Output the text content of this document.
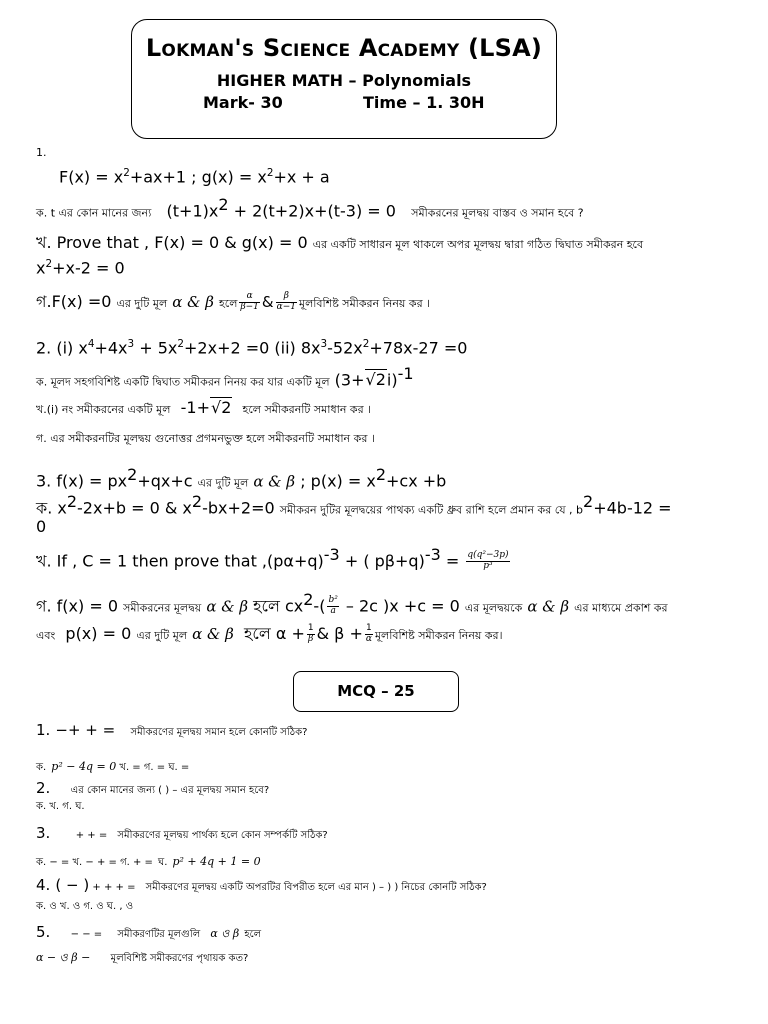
Lokman's Science Academy (LSA)
HIGHER MATH – Polynomials
Mark- 30	Time – 1. 30H
1.
$F(x) = x^2+ax+1$ ; $g(x) = x^2+x + a$
ক. t এর কোন মানের জন্য $(t+1)x^2 + 2(t+2)x+(t-3) = 0$ সমীকরনের মূলদ্বয় বাস্তব ও সমান হবে ?
খ. Prove that , F(x) = 0 & g(x) = 0 এর একটি সাধারন মূল থাকলে অপর মূলদ্বয় দ্বারা গঠিত দ্বিঘাত সমীকরন হবে
$x^2+x-2 = 0$
গ.F(x) =0 এর দুটি মূল α & β হলে $\frac{\alpha}{\beta-1}$ & $\frac{\beta}{\alpha-1}$ মূলবিশিষ্ট সমীকরন নিনয় কর ।
2. (i) $x^4+4x^3 + 5x^2+2x+2 =0$ (ii) $8x^3-52x^2+78x-27 =0$
ক. মূলদ সহগবিশিষ্ট একটি দ্বিঘাত সমীকরন নিনয় কর যার একটি মূল $(3+√2i)^{-1}$
খ.(i) নং সমীকরনের একটি মূল -1+√2 হলে সমীকরনটি সমাধান কর ।
গ. এর সমীকরনটির মূলদ্বয় গুনোত্তর প্রগমনভুক্ত হলে সমীকরনটি সমাধান কর ।
3. $f(x) = px^2+qx+c$ এর দুটি মূল α & β ; $p(x) = x^2+cx +b$
ক. $x^2-2x+b = 0$ & $x^2-bx+2=0$ সমীকরন দুটির মূলদ্বয়ের পাথক্য একটি ধ্রুব রাশি হলে প্রমান কর যে , $b^2+4b-12$ =
0
খ. If , C = 1 then prove that $,(p\alpha+q)^{-3}$ + ( $p\beta+q)^{-3} = \frac{\text{q(q²−3p)}}{\text{p³}}$
গ. f(x) = 0 সমীকরনের মূলদ্বয় α & β হলে $cx^2-( \frac{\text{b²}}{a} - 2c$ )x +c = 0 এর মূলদ্বয়কে α & β এর মাধ্যমে প্রকাশ কর
এবং p(x) = 0 এর দুটি মূল α & β হলে $\alpha + \frac{1}{\beta}$ & $\beta + \frac{1}{\alpha}$ মূলবিশিষ্ট সমীকরন নিনয় কর।
MCQ – 25
1. −+ + = সমীকরণের মূলদ্বয় সমান হলে কোনটি সঠিক?
ক. p² − 4q = 0 খ. = গ. = ঘ. =
2. এর কোন মানের জন্য ( ) – এর মূলদ্বয় সমান হবে?
ক. খ. গ. ঘ.
3.	+ + = সমীকরণের মূলদ্বয় পার্থক্য হলে কোন সম্পর্কটি সঠিক?
ক. − = খ. − + = গ. + = ঘ. p² + 4q + 1 = 0
4. ( − ) + + + = সমীকরণের মূলদ্বয় একটি অপরটির বিপরীত হলে এর মান ) – ) ) নিচের কোনটি সঠিক?
ক. ও খ. ও গ. ও ঘ. , ও
5. − − = সমীকরণটির মূলগুলি α ও β হলে
α − ও β − মূলবিশিষ্ট সমীকরণের পৃথায়ক কত?
